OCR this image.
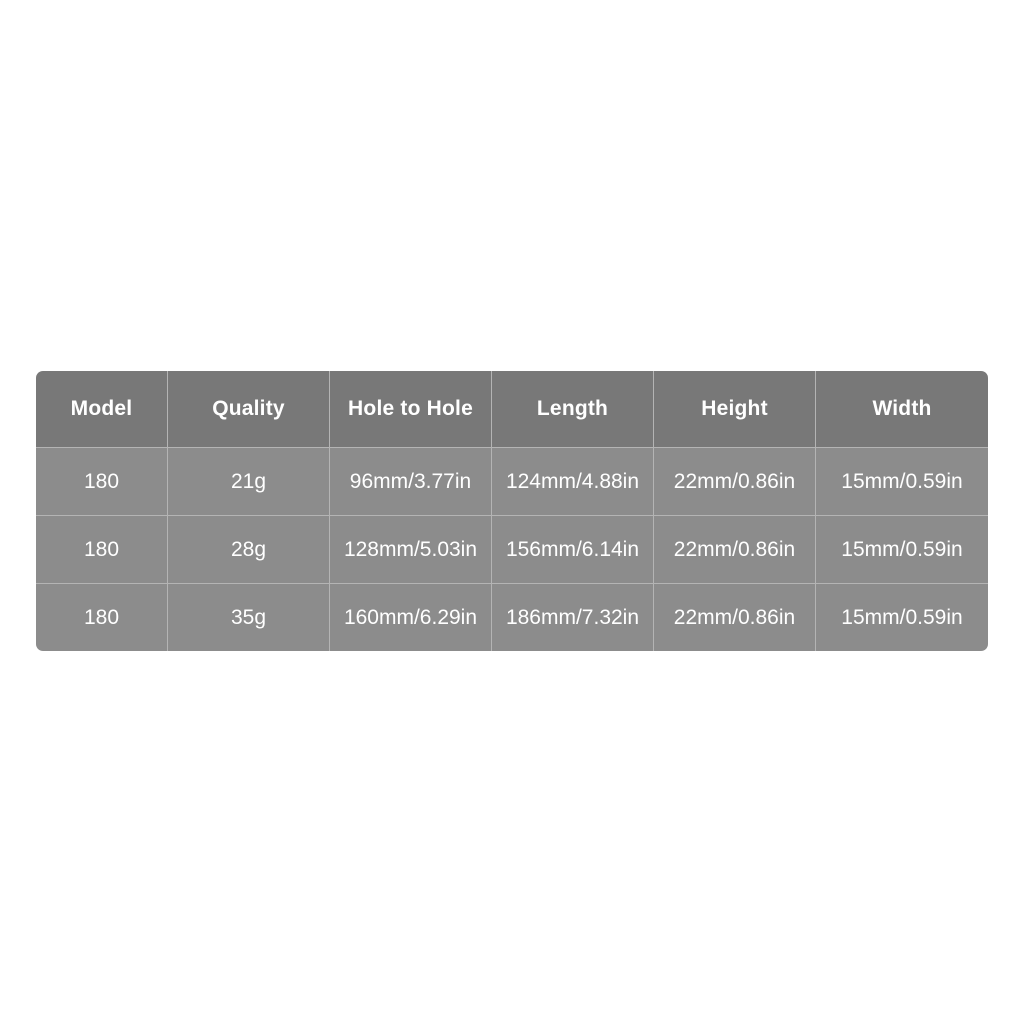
Model	Quality	Hole to Hole	Length	Height	Width
180	21g	96mm/3.77in	124mm/4.88in	22mm/0.86in	15mm/0.59in
180	28g	128mm/5.03in	156mm/6.14in	22mm/0.86in	15mm/0.59in
180	35g	160mm/6.29in	186mm/7.32in	22mm/0.86in	15mm/0.59in
